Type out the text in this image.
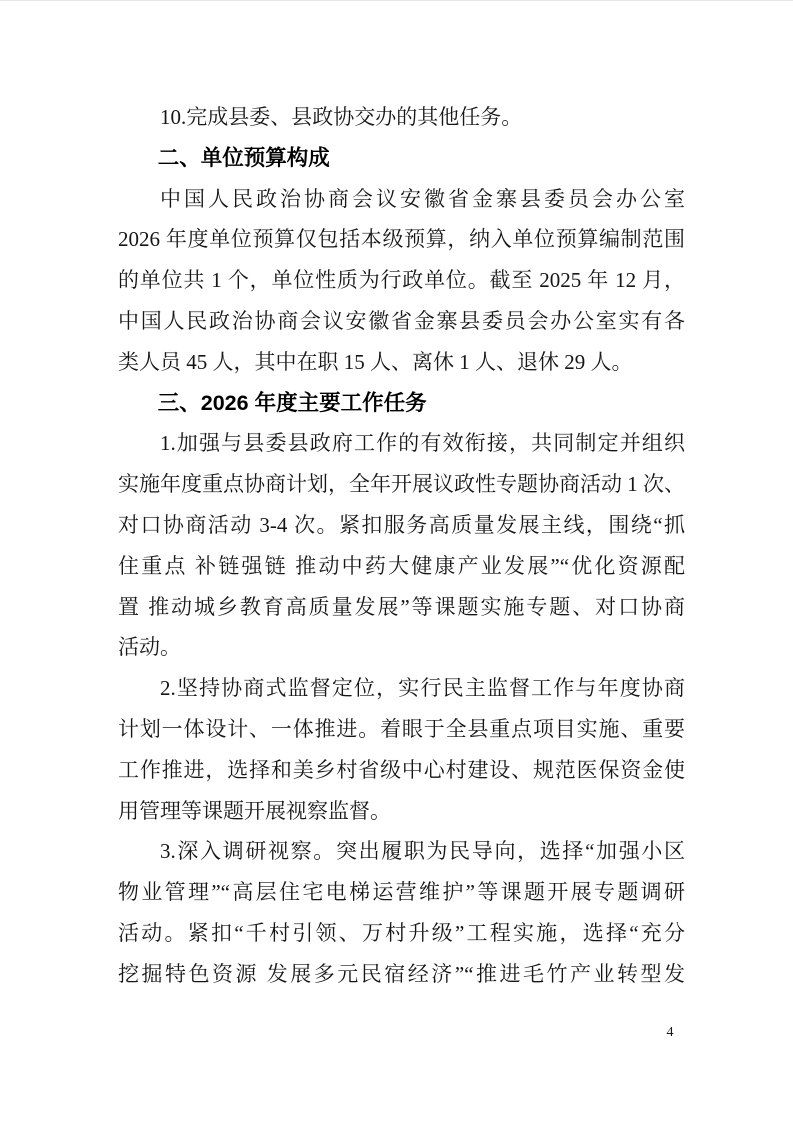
10.完成县委、县政协交办的其他任务。
二、单位预算构成
中国人民政治协商会议安徽省金寨县委员会办公室
2026 年度单位预算仅包括本级预算，纳入单位预算编制范围
的单位共 1 个，单位性质为行政单位。截至 2025 年 12 月，
中国人民政治协商会议安徽省金寨县委员会办公室实有各
类人员 45 人，其中在职 15 人、离休 1 人、退休 29 人。
三、2026 年度主要工作任务
1.加强与县委县政府工作的有效衔接，共同制定并组织
实施年度重点协商计划，全年开展议政性专题协商活动 1 次、
对口协商活动 3-4 次。紧扣服务高质量发展主线，围绕“抓
住重点 补链强链 推动中药大健康产业发展”“优化资源配
置 推动城乡教育高质量发展”等课题实施专题、对口协商
活动。
2.坚持协商式监督定位，实行民主监督工作与年度协商
计划一体设计、一体推进。着眼于全县重点项目实施、重要
工作推进，选择和美乡村省级中心村建设、规范医保资金使
用管理等课题开展视察监督。
3.深入调研视察。突出履职为民导向，选择“加强小区
物业管理”“高层住宅电梯运营维护”等课题开展专题调研
活动。紧扣“千村引领、万村升级”工程实施，选择“充分
挖掘特色资源 发展多元民宿经济”“推进毛竹产业转型发
4
